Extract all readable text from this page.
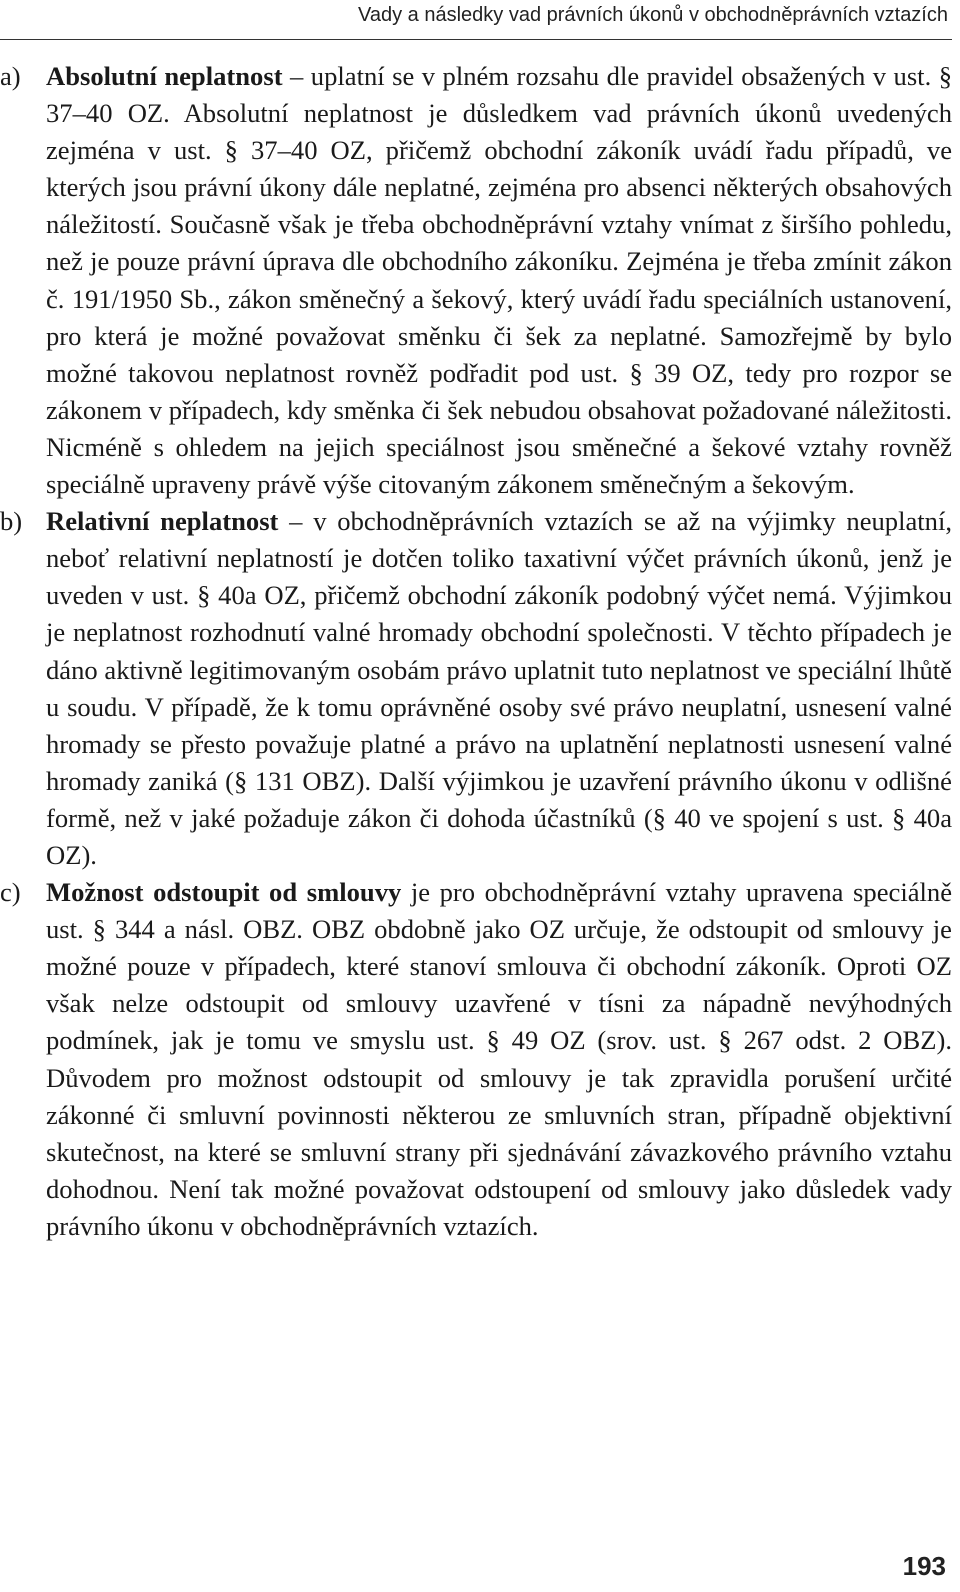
Vady a následky vad právních úkonů v obchodněprávních vztazích
a) Absolutní neplatnost – uplatní se v plném rozsahu dle pravidel obsažených v ust. § 37–40 OZ. Absolutní neplatnost je důsledkem vad právních úkonů uvedených zejména v ust. § 37–40 OZ, přičemž obchodní zákoník uvádí řadu případů, ve kterých jsou právní úkony dále neplatné, zejména pro absenci některých obsahových náležitostí. Současně však je třeba obchodněprávní vztahy vnímat z širšího pohledu, než je pouze právní úprava dle obchodního zákoníku. Zejména je třeba zmínit zákon č. 191/1950 Sb., zákon směnečný a šekový, který uvádí řadu speciálních ustanovení, pro která je možné považovat směnku či šek za neplatné. Samozřejmě by bylo možné takovou neplatnost rovněž podřadit pod ust. § 39 OZ, tedy pro rozpor se zákonem v případech, kdy směnka či šek nebudou obsahovat požadované náležitosti. Nicméně s ohledem na jejich speciálnost jsou směnečné a šekové vztahy rovněž speciálně upraveny právě výše citovaným zákonem směnečným a šekovým.

b) Relativní neplatnost – v obchodněprávních vztazích se až na výjimky neuplatní, neboť relativní neplatností je dotčen toliko taxativní výčet právních úkonů, jenž je uveden v ust. § 40a OZ, přičemž obchodní zákoník podobný výčet nemá. Výjimkou je neplatnost rozhodnutí valné hromady obchodní společnosti. V těchto případech je dáno aktivně legitimovaným osobám právo uplatnit tuto neplatnost ve speciální lhůtě u soudu. V případě, že k tomu oprávněné osoby své právo neuplatní, usnesení valné hromady se přesto považuje platné a právo na uplatnění neplatnosti usnesení valné hromady zaniká (§ 131 OBZ). Další výjimkou je uzavření právního úkonu v odlišné formě, než v jaké požaduje zákon či dohoda účastníků (§ 40 ve spojení s ust. § 40a OZ).

c) Možnost odstoupit od smlouvy je pro obchodněprávní vztahy upravena speciálně ust. § 344 a násl. OBZ. OBZ obdobně jako OZ určuje, že odstoupit od smlouvy je možné pouze v případech, které stanoví smlouva či obchodní zákoník. Oproti OZ však nelze odstoupit od smlouvy uzavřené v tísni za nápadně nevýhodných podmínek, jak je tomu ve smyslu ust. § 49 OZ (srov. ust. § 267 odst. 2 OBZ). Důvodem pro možnost odstoupit od smlouvy je tak zpravidla porušení určité zákonné či smluvní povinnosti některou ze smluvních stran, případně objektivní skutečnost, na které se smluvní strany při sjednávání závazkového právního vztahu dohodnou. Není tak možné považovat odstoupení od smlouvy jako důsledek vady právního úkonu v obchodněprávních vztazích.

193
